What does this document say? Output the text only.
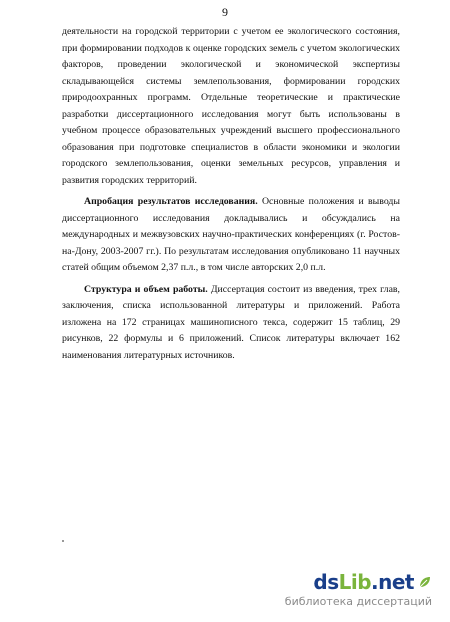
9

деятельности на городской территории с учетом ее экологического состояния, при формировании подходов к оценке городских земель с учетом экологических факторов, проведении экологической и экономической экспертизы складывающейся системы землепользования, формировании городских природоохранных программ. Отдельные теоретические и практические разработки диссертационного исследования могут быть использованы в учебном процессе образовательных учреждений высшего профессионального образования при подготовке специалистов в области экономики и экологии городского землепользования, оценки земельных ресурсов, управления и развития городских территорий.

Апробация результатов исследования. Основные положения и выводы диссертационного исследования докладывались и обсуждались на международных и межвузовских научно-практических конференциях (г. Ростов-на-Дону, 2003-2007 гг.). По результатам исследования опубликовано 11 научных статей общим объемом 2,37 п.л., в том числе авторских 2,0 п.л.

Структура и объем работы. Диссертация состоит из введения, трех глав, заключения, списка использованной литературы и приложений. Работа изложена на 172 страницах машинописного текса, содержит 15 таблиц, 29 рисунков, 22 формулы и 6 приложений. Список литературы включает 162 наименования литературных источников.

dsLib.net
библиотека диссертаций
